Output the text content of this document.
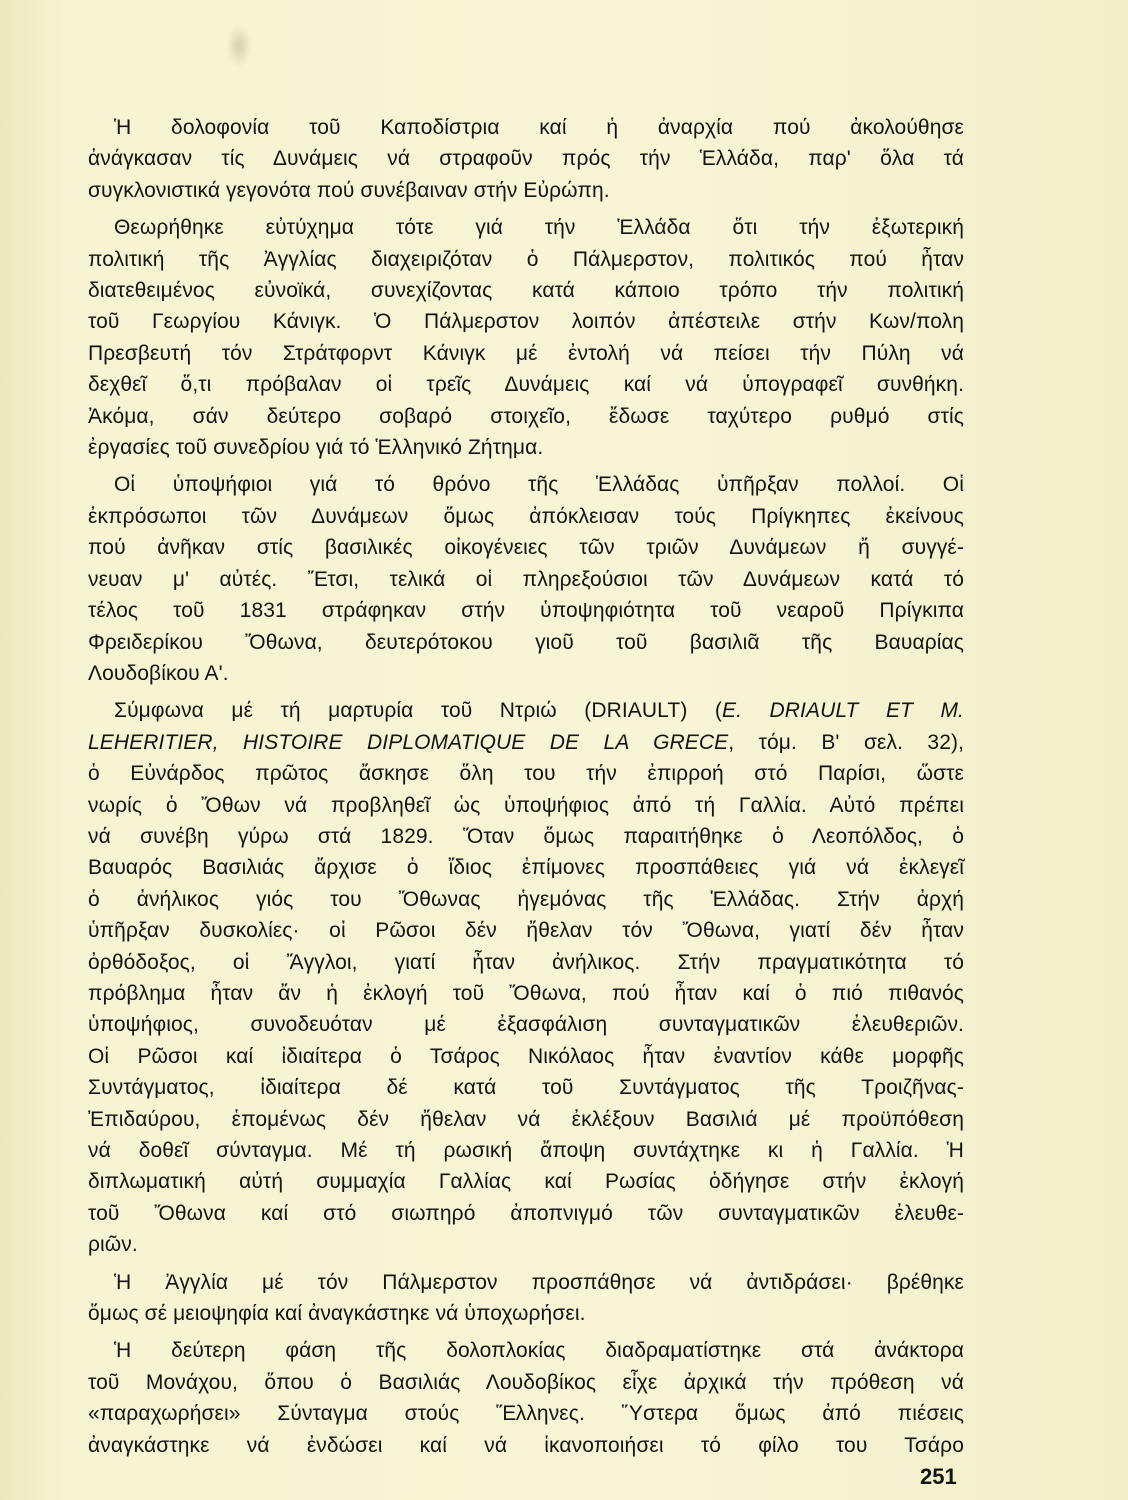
Ἡ δολοφονία τοῦ Καποδίστρια καί ἡ ἀναρχία πού ἀκολούθησε
ἀνάγκασαν τίς Δυνάμεις νά στραφοῦν πρός τήν Ἑλλάδα, παρ' ὅλα τά
συγκλονιστικά γεγονότα πού συνέβαιναν στήν Εὐρώπη.
Θεωρήθηκε εὐτύχημα τότε γιά τήν Ἑλλάδα ὅτι τήν ἐξωτερική
πολιτική τῆς Ἀγγλίας διαχειριζόταν ὁ Πάλμερστον, πολιτικός πού ἦταν
διατεθειμένος εὐνοϊκά, συνεχίζοντας κατά κάποιο τρόπο τήν πολιτική
τοῦ Γεωργίου Κάνιγκ. Ὁ Πάλμερστον λοιπόν ἀπέστειλε στήν Κων/πολη
Πρεσβευτή τόν Στράτφορντ Κάνιγκ μέ ἐντολή νά πείσει τήν Πύλη νά
δεχθεῖ ὅ,τι πρόβαλαν οἱ τρεῖς Δυνάμεις καί νά ὑπογραφεῖ συνθήκη.
Ἀκόμα, σάν δεύτερο σοβαρό στοιχεῖο, ἔδωσε ταχύτερο ρυθμό στίς
ἐργασίες τοῦ συνεδρίου γιά τό Ἑλληνικό Ζήτημα.
Οἱ ὑποψήφιοι γιά τό θρόνο τῆς Ἑλλάδας ὑπῆρξαν πολλοί. Οἱ
ἐκπρόσωποι τῶν Δυνάμεων ὅμως ἀπόκλεισαν τούς Πρίγκηπες ἐκείνους
πού ἀνῆκαν στίς βασιλικές οἰκογένειες τῶν τριῶν Δυνάμεων ἤ συγγέ-
νευαν μ' αὐτές. Ἔτσι, τελικά οἱ πληρεξούσιοι τῶν Δυνάμεων κατά τό
τέλος τοῦ 1831 στράφηκαν στήν ὑποψηφιότητα τοῦ νεαροῦ Πρίγκιπα
Φρειδερίκου Ὄθωνα, δευτερότοκου γιοῦ τοῦ βασιλιᾶ τῆς Βαυαρίας
Λουδοβίκου Α'.
Σύμφωνα μέ τή μαρτυρία τοῦ Ντριώ (DRIAULT) (E. DRIAULT ET M.
LEHERITIER, HISTOIRE DIPLOMATIQUE DE LA GRECE, τόμ. Β' σελ. 32),
ὁ Εὐνάρδος πρῶτος ἄσκησε ὅλη του τήν ἐπιρροή στό Παρίσι, ὥστε
νωρίς ὁ Ὄθων νά προβληθεῖ ὡς ὑποψήφιος ἀπό τή Γαλλία. Αὐτό πρέπει
νά συνέβη γύρω στά 1829. Ὅταν ὅμως παραιτήθηκε ὁ Λεοπόλδος, ὁ
Βαυαρός Βασιλιάς ἄρχισε ὁ ἴδιος ἐπίμονες προσπάθειες γιά νά ἐκλεγεῖ
ὁ ἀνήλικος γιός του Ὄθωνας ἡγεμόνας τῆς Ἑλλάδας. Στήν ἀρχή
ὑπῆρξαν δυσκολίες· οἱ Ρῶσοι δέν ἤθελαν τόν Ὄθωνα, γιατί δέν ἦταν
ὀρθόδοξος, οἱ Ἄγγλοι, γιατί ἦταν ἀνήλικος. Στήν πραγματικότητα τό
πρόβλημα ἦταν ἄν ἡ ἐκλογή τοῦ Ὄθωνα, πού ἦταν καί ὁ πιό πιθανός
ὑποψήφιος, συνοδευόταν μέ ἐξασφάλιση συνταγματικῶν ἐλευθεριῶν.
Οἱ Ρῶσοι καί ἰδιαίτερα ὁ Τσάρος Νικόλαος ἦταν ἐναντίον κάθε μορφῆς
Συντάγματος, ἰδιαίτερα δέ κατά τοῦ Συντάγματος τῆς Τροιζῆνας-
Ἐπιδαύρου, ἑπομένως δέν ἤθελαν νά ἐκλέξουν Βασιλιά μέ προϋπόθεση
νά δοθεῖ σύνταγμα. Μέ τή ρωσική ἄποψη συντάχτηκε κι ἡ Γαλλία. Ἡ
διπλωματική αὐτή συμμαχία Γαλλίας καί Ρωσίας ὁδήγησε στήν ἐκλογή
τοῦ Ὄθωνα καί στό σιωπηρό ἀποπνιγμό τῶν συνταγματικῶν ἐλευθε-
ριῶν.
Ἡ Ἀγγλία μέ τόν Πάλμερστον προσπάθησε νά ἀντιδράσει· βρέθηκε
ὅμως σέ μειοψηφία καί ἀναγκάστηκε νά ὑποχωρήσει.
Ἡ δεύτερη φάση τῆς δολοπλοκίας διαδραματίστηκε στά ἀνάκτορα
τοῦ Μονάχου, ὅπου ὁ Βασιλιάς Λουδοβίκος εἶχε ἀρχικά τήν πρόθεση νά
«παραχωρήσει» Σύνταγμα στούς Ἕλληνες. Ὕστερα ὅμως ἀπό πιέσεις
ἀναγκάστηκε νά ἐνδώσει καί νά ἱκανοποιήσει τό φίλο του Τσάρο
251
